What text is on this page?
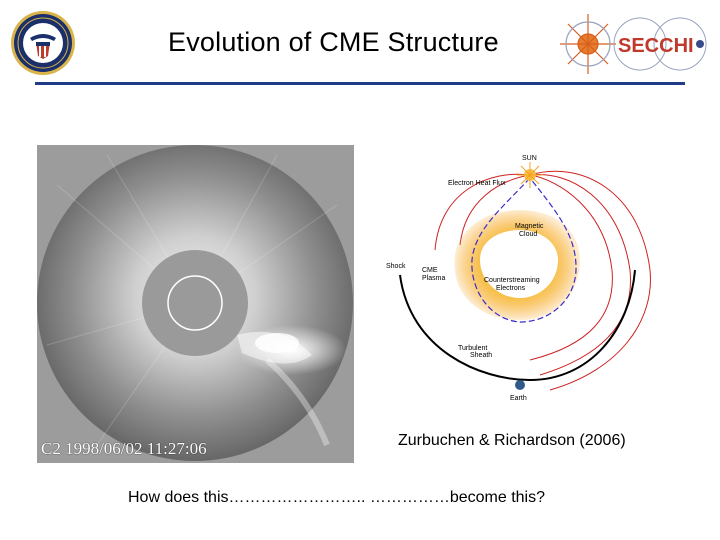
Evolution of CME Structure	SECCHI
C2 1998/06/02 11:27:06
SUN
Electron Heat Flux
Magnetic
Cloud
Shock
CME
Plasma	Counterstreaming
Electrons
Turbulent
Sheath
Earth
Zurbuchen & Richardson (2006)
How does this…………………….. ……………become this?
